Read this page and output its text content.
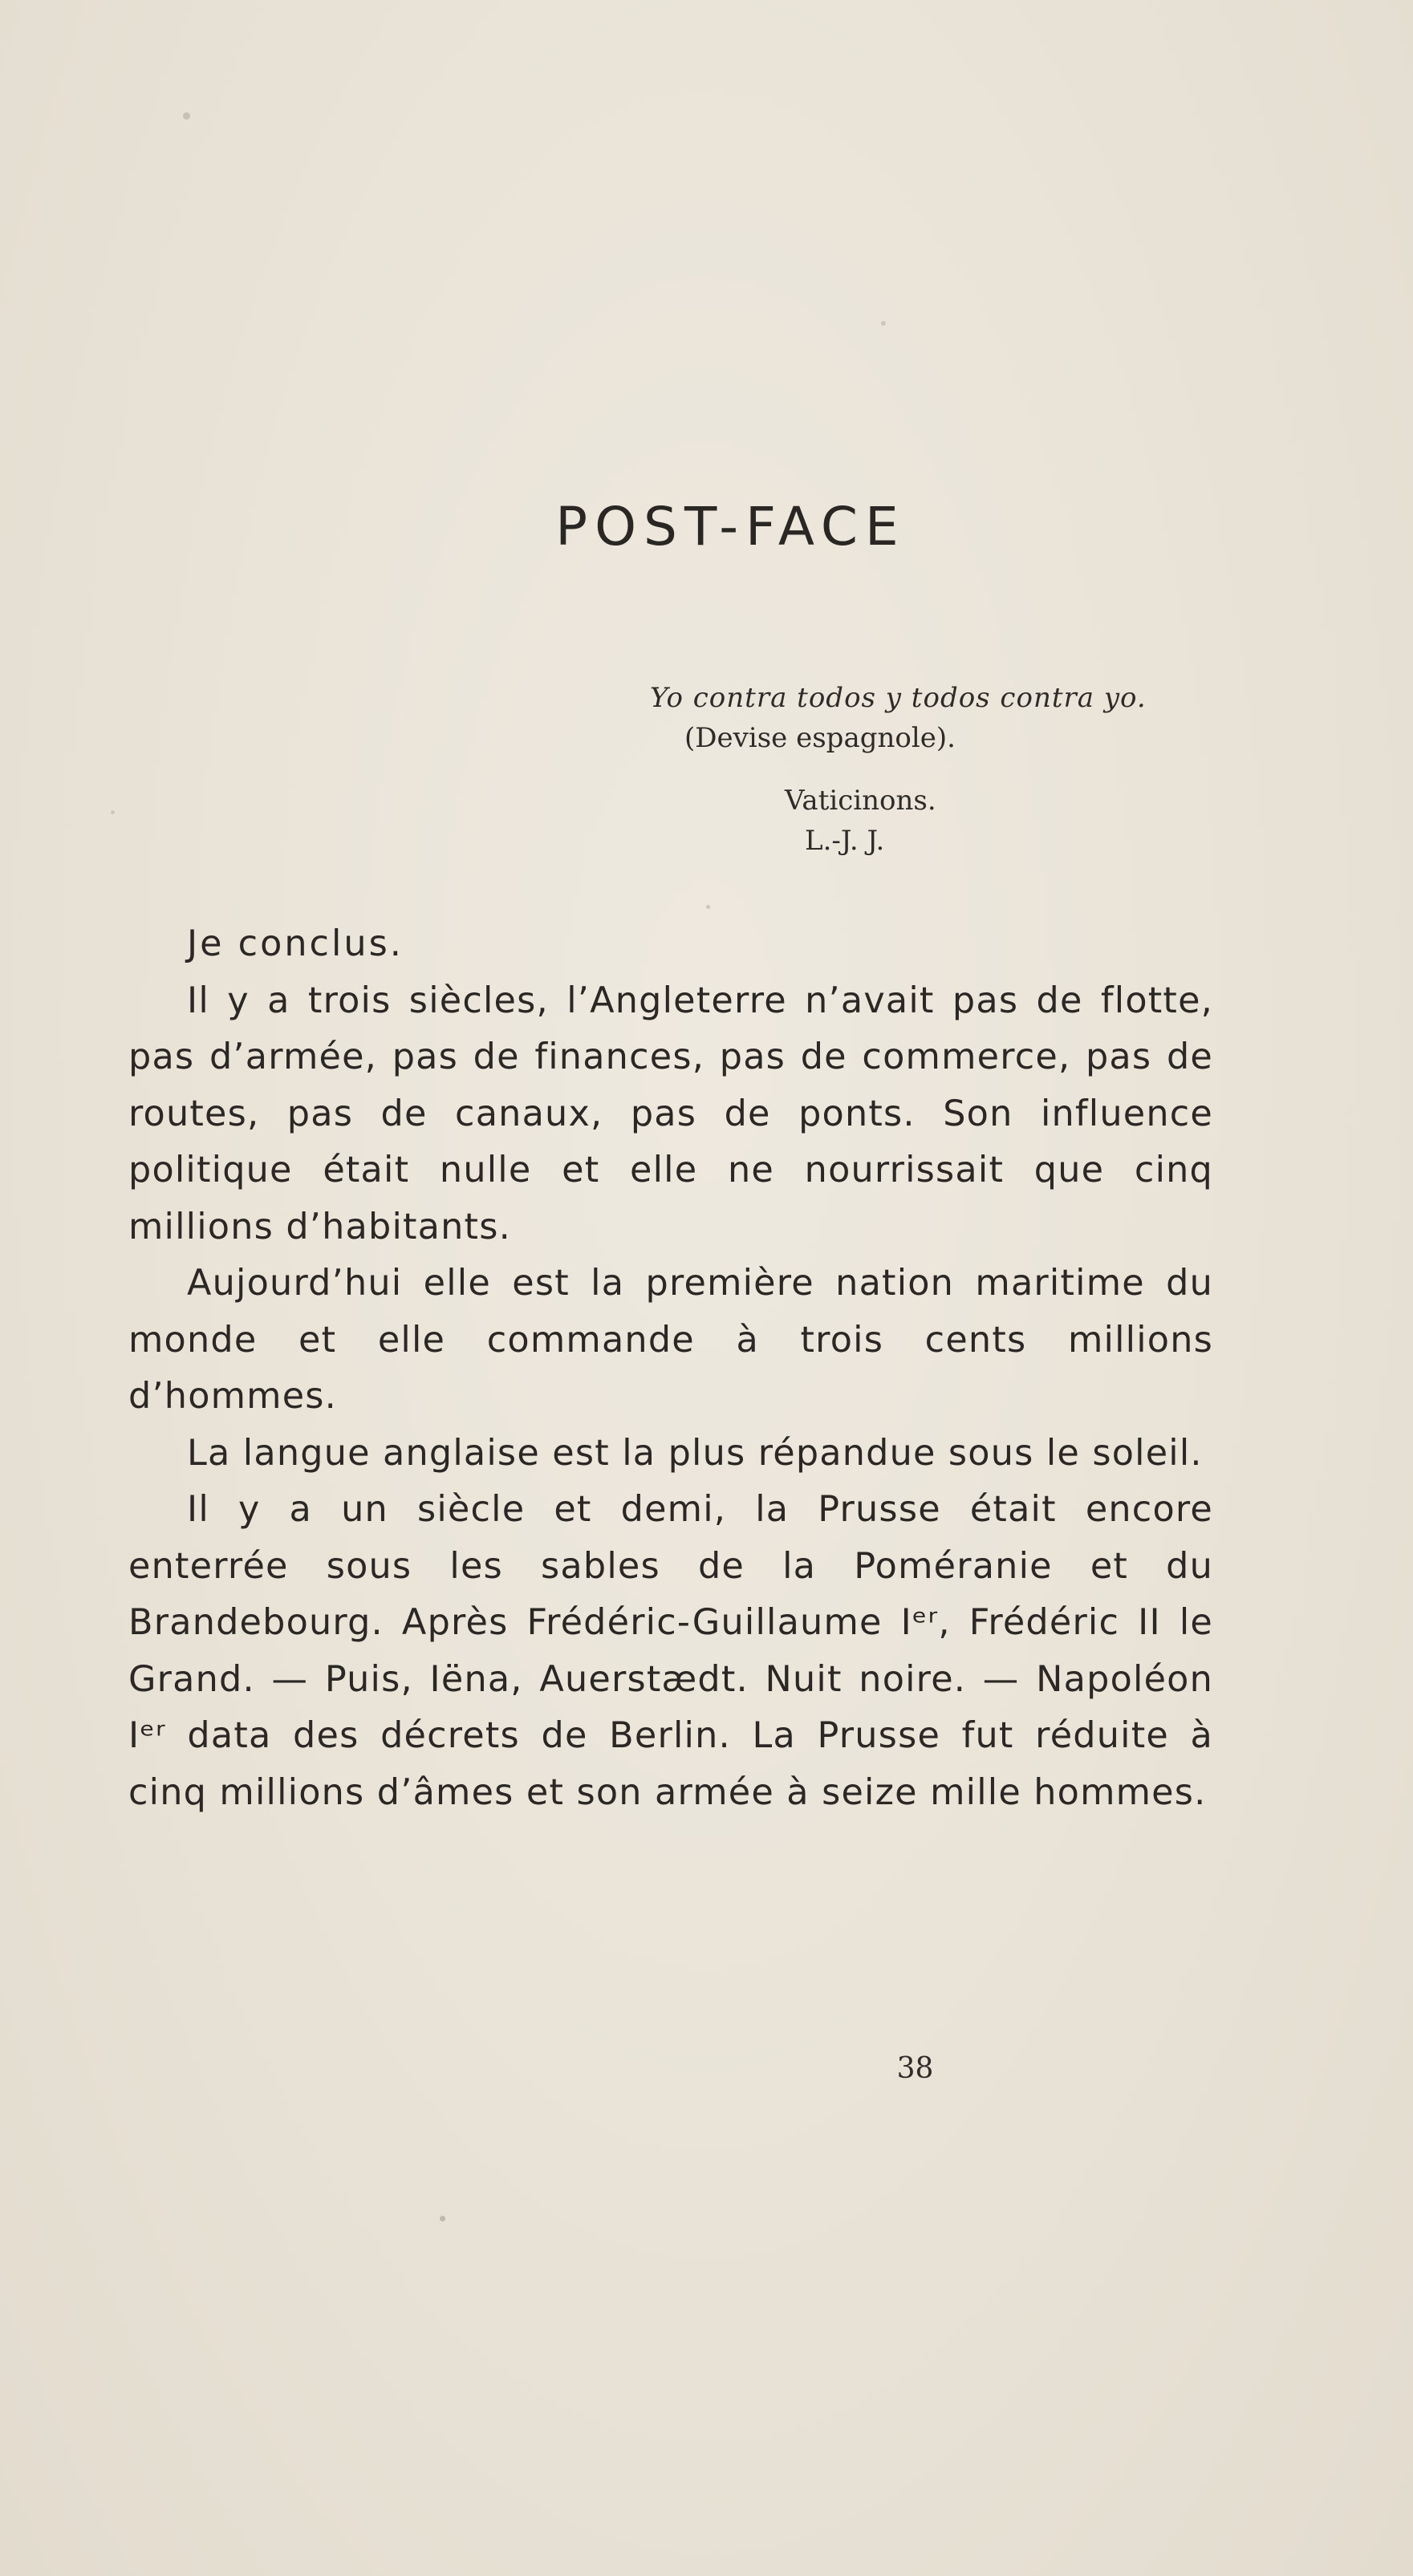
POST-FACE
Yo contra todos y todos contra yo.
(Devise espagnole).
Vaticinons.
L.-J. J.

Je conclus.

Il y a trois siècles, l’Angleterre n’avait pas de flotte, pas d’armée, pas de finances, pas de commerce, pas de routes, pas de canaux, pas de ponts. Son influence politique était nulle et elle ne nourrissait que cinq millions d’habitants.

Aujourd’hui elle est la première nation maritime du monde et elle commande à trois cents millions d’hommes.

La langue anglaise est la plus répandue sous le soleil.

Il y a un siècle et demi, la Prusse était encore enterrée sous les sables de la Poméranie et du Brandebourg. Après Frédéric-Guillaume Iᵉʳ, Frédéric II le Grand. — Puis, Iëna, Auerstædt. Nuit noire. — Napoléon Iᵉʳ data des décrets de Berlin. La Prusse fut réduite à cinq millions d’âmes et son armée à seize mille hommes.

38
